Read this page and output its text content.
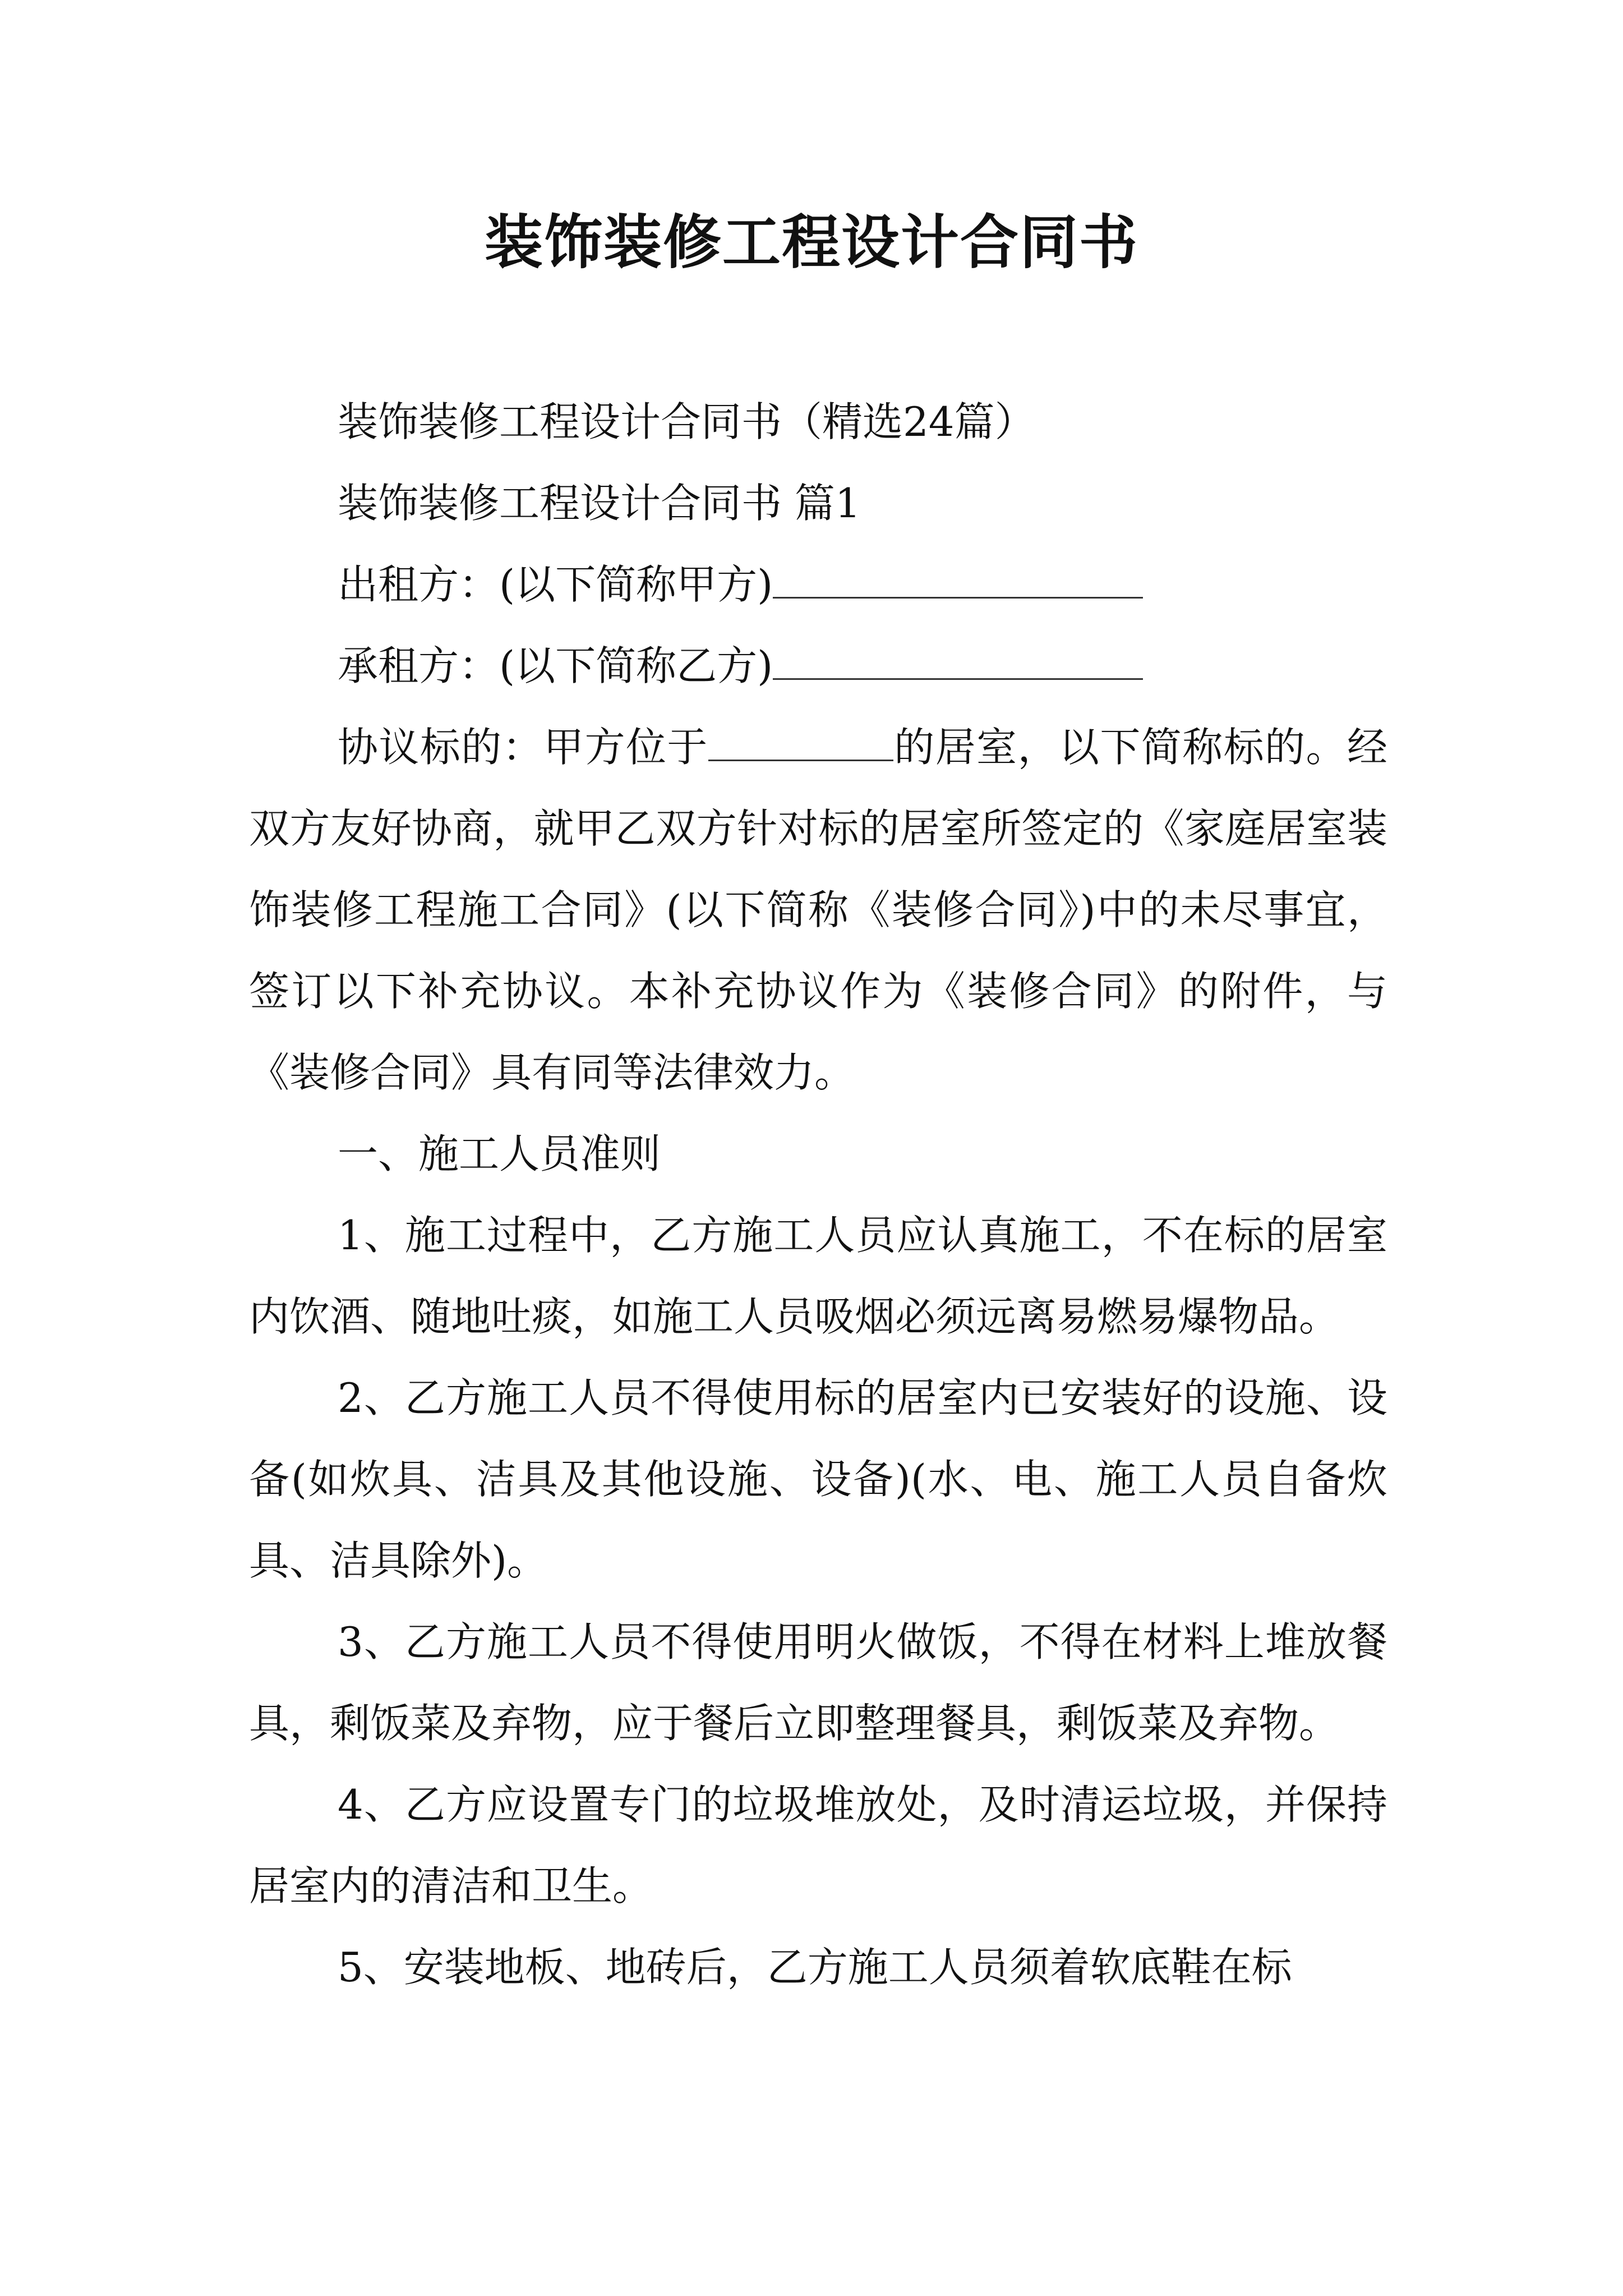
装饰装修工程设计合同书

装饰装修工程设计合同书（精选24篇）

装饰装修工程设计合同书 篇1

出租方：(以下简称甲方)

承租方：(以下简称乙方)

协议标的：甲方位于	的居室，以下简称标的。经双方友好协商，就甲乙双方针对标的居室所签定的《家庭居室装饰装修工程施工合同》(以下简称《装修合同》)中的未尽事宜，签订以下补充协议。本补充协议作为《装修合同》的附件，与《装修合同》具有同等法律效力。

一、施工人员准则

1、施工过程中，乙方施工人员应认真施工，不在标的居室内饮酒、随地吐痰，如施工人员吸烟必须远离易燃易爆物品。

2、乙方施工人员不得使用标的居室内已安装好的设施、设备(如炊具、洁具及其他设施、设备)(水、电、施工人员自备炊具、洁具除外)。

3、乙方施工人员不得使用明火做饭，不得在材料上堆放餐具，剩饭菜及弃物，应于餐后立即整理餐具，剩饭菜及弃物。

4、乙方应设置专门的垃圾堆放处，及时清运垃圾，并保持居室内的清洁和卫生。

5、安装地板、地砖后，乙方施工人员须着软底鞋在标
